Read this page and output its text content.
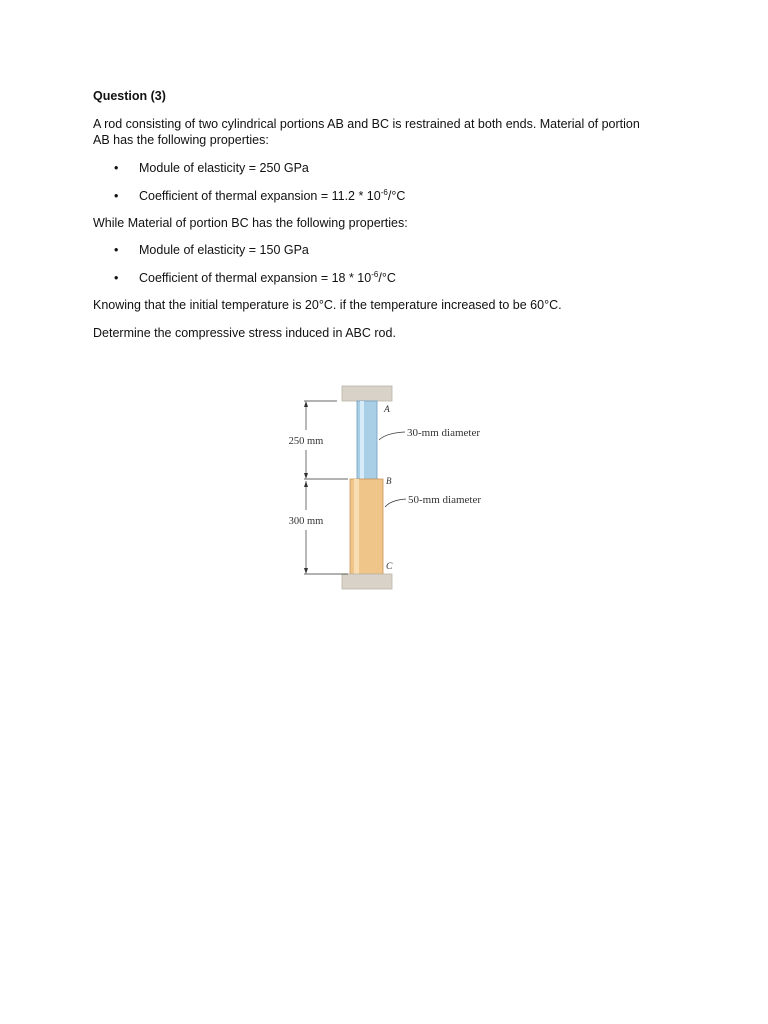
Question (3)
A rod consisting of two cylindrical portions AB and BC is restrained at both ends. Material of portion
AB has the following properties:
• Module of elasticity = 250 GPa
• Coefficient of thermal expansion = $11.2 * 10^{-6}/^\circ C$
While Material of portion BC has the following properties:
• Module of elasticity = 150 GPa
• Coefficient of thermal expansion = $18 * 10^{-6}/^\circ C$
Knowing that the initial temperature is 20°C. if the temperature increased to be 60°C.
Determine the compressive stress induced in ABC rod.
250 mm
300 mm
A
B
C
30-mm diameter
50-mm diameter
